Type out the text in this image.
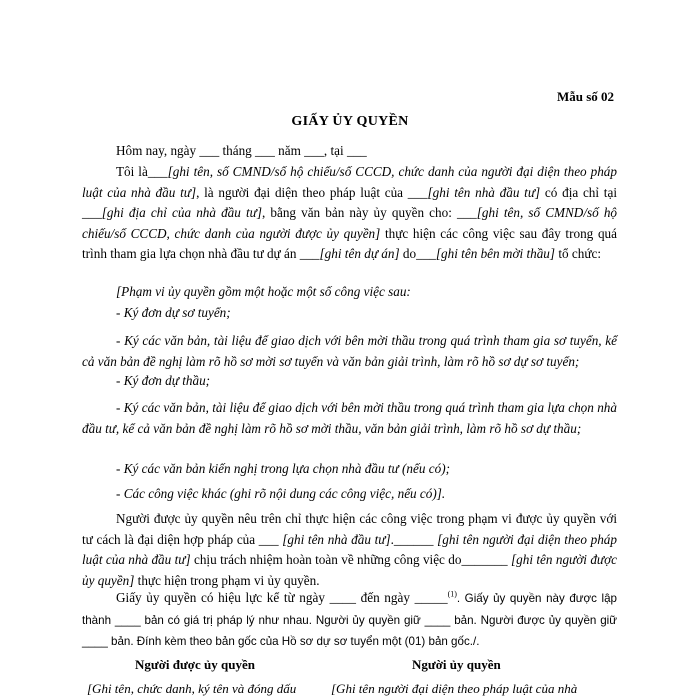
Mẫu số 02
GIẤY ỦY QUYỀN
Hôm nay, ngày ___ tháng ___ năm ___, tại ___
Tôi là___[ghi tên, số CMND/số hộ chiếu/số CCCD, chức danh của người đại diện theo pháp luật của nhà đầu tư], là người đại diện theo pháp luật của ___[ghi tên nhà đầu tư] có địa chỉ tại ___[ghi địa chỉ của nhà đầu tư], bằng văn bản này ủy quyền cho: ___[ghi tên, số CMND/số hộ chiếu/số CCCD, chức danh của người được ủy quyền] thực hiện các công việc sau đây trong quá trình tham gia lựa chọn nhà đầu tư dự án ___[ghi tên dự án] do___[ghi tên bên mời thầu] tổ chức:
[Phạm vi ủy quyền gồm một hoặc một số công việc sau:
- Ký đơn dự sơ tuyển;
- Ký các văn bản, tài liệu để giao dịch với bên mời thầu trong quá trình tham gia sơ tuyển, kể cả văn bản đề nghị làm rõ hồ sơ mời sơ tuyển và văn bản giải trình, làm rõ hồ sơ dự sơ tuyển;
- Ký đơn dự thầu;
- Ký các văn bản, tài liệu để giao dịch với bên mời thầu trong quá trình tham gia lựa chọn nhà đầu tư, kể cả văn bản đề nghị làm rõ hồ sơ mời thầu, văn bản giải trình, làm rõ hồ sơ dự thầu;
- Ký các văn bản kiến nghị trong lựa chọn nhà đầu tư (nếu có);
- Các công việc khác (ghi rõ nội dung các công việc, nếu có)].
Người được ủy quyền nêu trên chỉ thực hiện các công việc trong phạm vi được ủy quyền với tư cách là đại diện hợp pháp của ___ [ghi tên nhà đầu tư].______ [ghi tên người đại diện theo pháp luật của nhà đầu tư] chịu trách nhiệm hoàn toàn về những công việc do_______ [ghi tên người được ủy quyền] thực hiện trong phạm vi ủy quyền.
Giấy ủy quyền có hiệu lực kể từ ngày ____ đến ngày _____$^{(1)}$. Giấy ủy quyền này được lập thành ____ bản có giá trị pháp lý như nhau. Người ủy quyền giữ ____ bản. Người được ủy quyền giữ ____ bản. Đính kèm theo bản gốc của Hồ sơ dự sơ tuyển một (01) bản gốc./.
Người được ủy quyền	Người ủy quyền
[Ghi tên, chức danh, ký tên và đóng dấu	[Ghi tên người đại diện theo pháp luật của nhà
